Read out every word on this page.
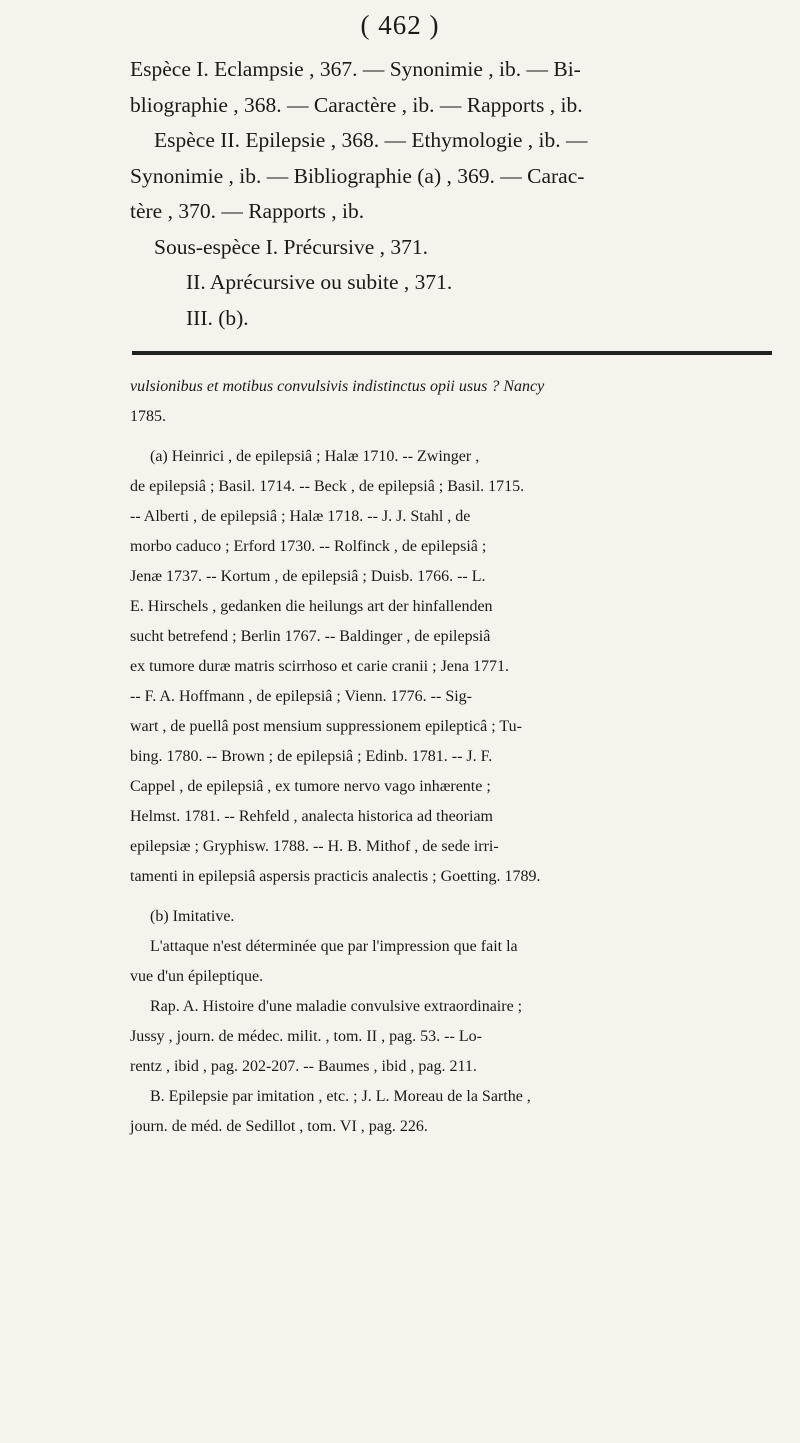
( 462 )

Espèce I. Eclampsie , 367. — Synonimie , ib. — Bi-

bliographie , 368. — Caractère , ib. — Rapports , ib.

Espèce II. Epilepsie , 368. — Ethymologie , ib. —

Synonimie , ib. — Bibliographie (a) , 369. — Carac-

tère , 370. — Rapports , ib.

Sous-espèce I. Précursive , 371.

II. Aprécursive ou subite , 371.

III. (b).

vulsionibus et motibus convulsivis indistinctus opii usus ? Nancy

1785.

(a) Heinrici , de epilepsiâ ; Halæ 1710. -- Zwinger ,

de epilepsiâ ; Basil. 1714. -- Beck , de epilepsiâ ; Basil. 1715.

-- Alberti , de epilepsiâ ; Halæ 1718. -- J. J. Stahl , de

morbo caduco ; Erford 1730. -- Rolfinck , de epilepsiâ ;

Jenæ 1737. -- Kortum , de epilepsiâ ; Duisb. 1766. -- L.

E. Hirschels , gedanken die heilungs art der hinfallenden

sucht betrefend ; Berlin 1767. -- Baldinger , de epilepsiâ

ex tumore duræ matris scirrhoso et carie cranii ; Jena 1771.

-- F. A. Hoffmann , de epilepsiâ ; Vienn. 1776. -- Sig-

wart , de puellâ post mensium suppressionem epilepticâ ; Tu-

bing. 1780. -- Brown ; de epilepsiâ ; Edinb. 1781. -- J. F.

Cappel , de epilepsiâ , ex tumore nervo vago inhærente ;

Helmst. 1781. -- Rehfeld , analecta historica ad theoriam

epilepsiæ ; Gryphisw. 1788. -- H. B. Mithof , de sede irri-

tamenti in epilepsiâ aspersis practicis analectis ; Goetting. 1789.

(b) Imitative.

L'attaque n'est déterminée que par l'impression que fait la

vue d'un épileptique.

Rap. A. Histoire d'une maladie convulsive extraordinaire ;

Jussy , journ. de médec. milit. , tom. II , pag. 53. -- Lo-

rentz , ibid , pag. 202-207. -- Baumes , ibid , pag. 211.

B. Epilepsie par imitation , etc. ; J. L. Moreau de la Sarthe ,

journ. de méd. de Sedillot , tom. VI , pag. 226.
